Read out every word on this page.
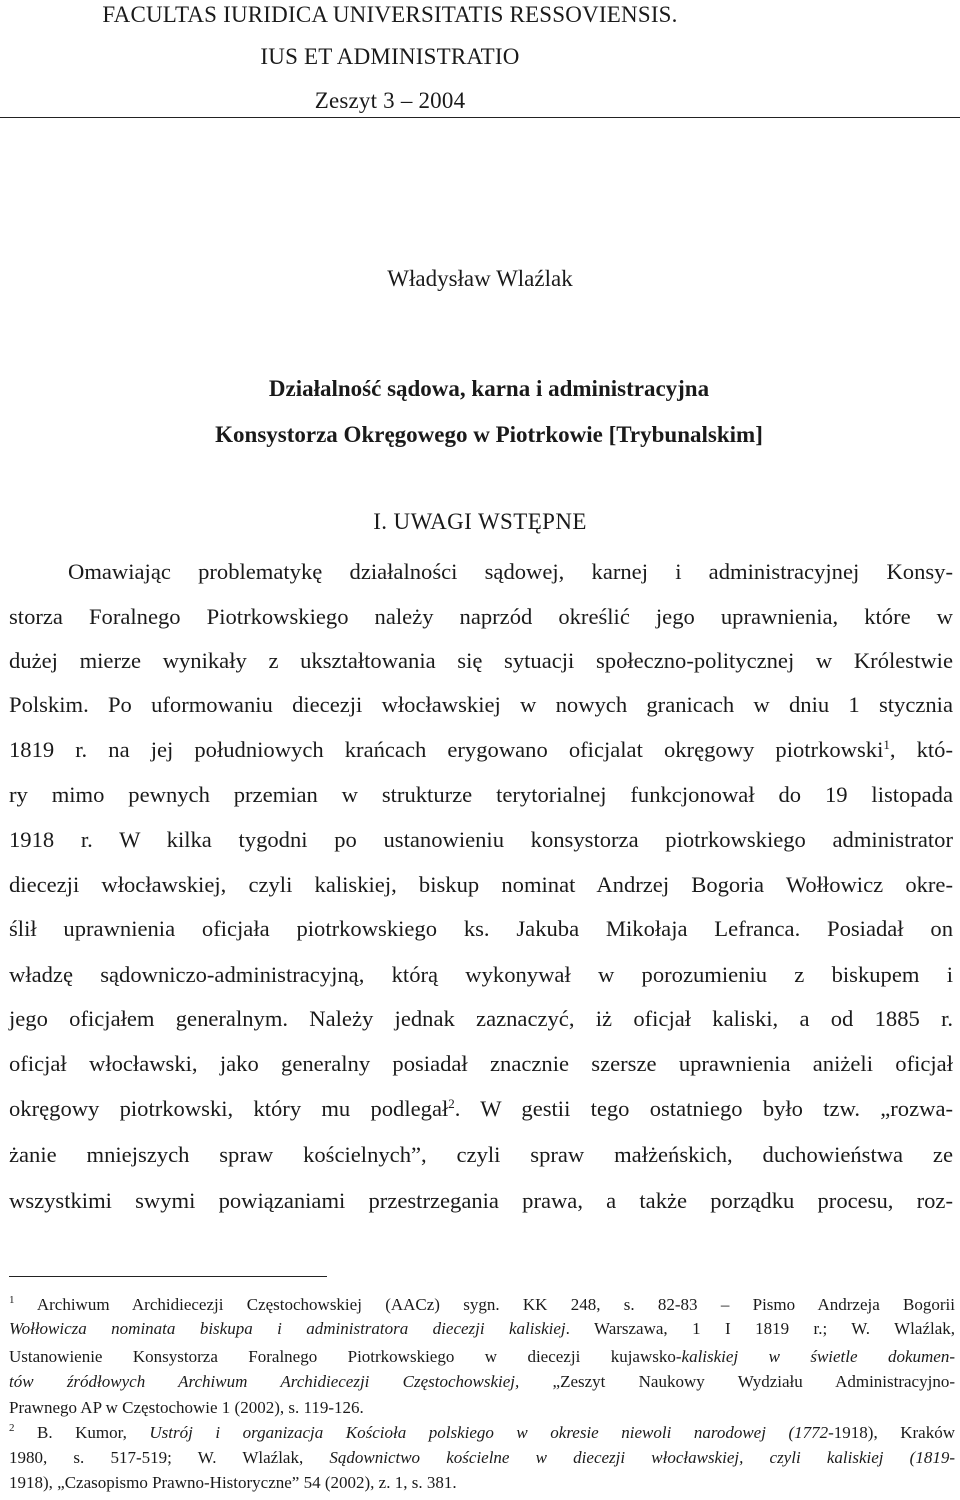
FACULTAS IURIDICA UNIVERSITATIS RESSOVIENSIS.
IUS ET ADMINISTRATIO
Zeszyt 3 – 2004
Władysław Wlaźlak
Działalność sądowa, karna i administracyjna
Konsystorza Okręgowego w Piotrkowie [Trybunalskim]
I. UWAGI WSTĘPNE
Omawiając problematykę działalności sądowej, karnej i administracyjnej Konsy-
storza Foralnego Piotrkowskiego należy naprzód określić jego uprawnienia, które w
dużej mierze wynikały z ukształtowania się sytuacji społeczno-politycznej w Królestwie
Polskim. Po uformowaniu diecezji włocławskiej w nowych granicach w dniu 1 stycznia
1819 r. na jej południowych krańcach erygowano oficjalat okręgowy piotrkowski$^1$, któ-
ry mimo pewnych przemian w strukturze terytorialnej funkcjonował do 19 listopada
1918 r. W kilka tygodni po ustanowieniu konsystorza piotrkowskiego administrator
diecezji włocławskiej, czyli kaliskiej, biskup nominat Andrzej Bogoria Wołłowicz okre-
ślił uprawnienia oficjała piotrkowskiego ks. Jakuba Mikołaja Lefranca. Posiadał on
władzę sądowniczo-administracyjną, którą wykonywał w porozumieniu z biskupem i
jego oficjałem generalnym. Należy jednak zaznaczyć, iż oficjał kaliski, a od 1885 r.
oficjał włocławski, jako generalny posiadał znacznie szersze uprawnienia aniżeli oficjał
okręgowy piotrkowski, który mu podlegał$^2$. W gestii tego ostatniego było tzw. „rozwa-
żanie mniejszych spraw kościelnych”, czyli spraw małżeńskich, duchowieństwa ze
wszystkimi swymi powiązaniami przestrzegania prawa, a także porządku procesu, roz-
$^1$ Archiwum Archidiecezji Częstochowskiej (AACz) sygn. KK 248, s. 82-83 – Pismo Andrzeja Bogorii
Wołłowicza nominata biskupa i administratora diecezji kaliskiej. Warszawa, 1 I 1819 r.; W. Wlaźlak,
Ustanowienie Konsystorza Foralnego Piotrkowskiego w diecezji kujawsko-kaliskiej w świetle dokumen-
tów źródłowych Archiwum Archidiecezji Częstochowskiej, „Zeszyt Naukowy Wydziału Administracyjno-
Prawnego AP w Częstochowie 1 (2002), s. 119-126.
$^2$ B. Kumor, Ustrój i organizacja Kościoła polskiego w okresie niewoli narodowej (1772-1918), Kraków
1980, s. 517-519; W. Wlaźlak, Sądownictwo kościelne w diecezji włocławskiej, czyli kaliskiej (1819-
1918), „Czasopismo Prawno-Historyczne” 54 (2002), z. 1, s. 381.
